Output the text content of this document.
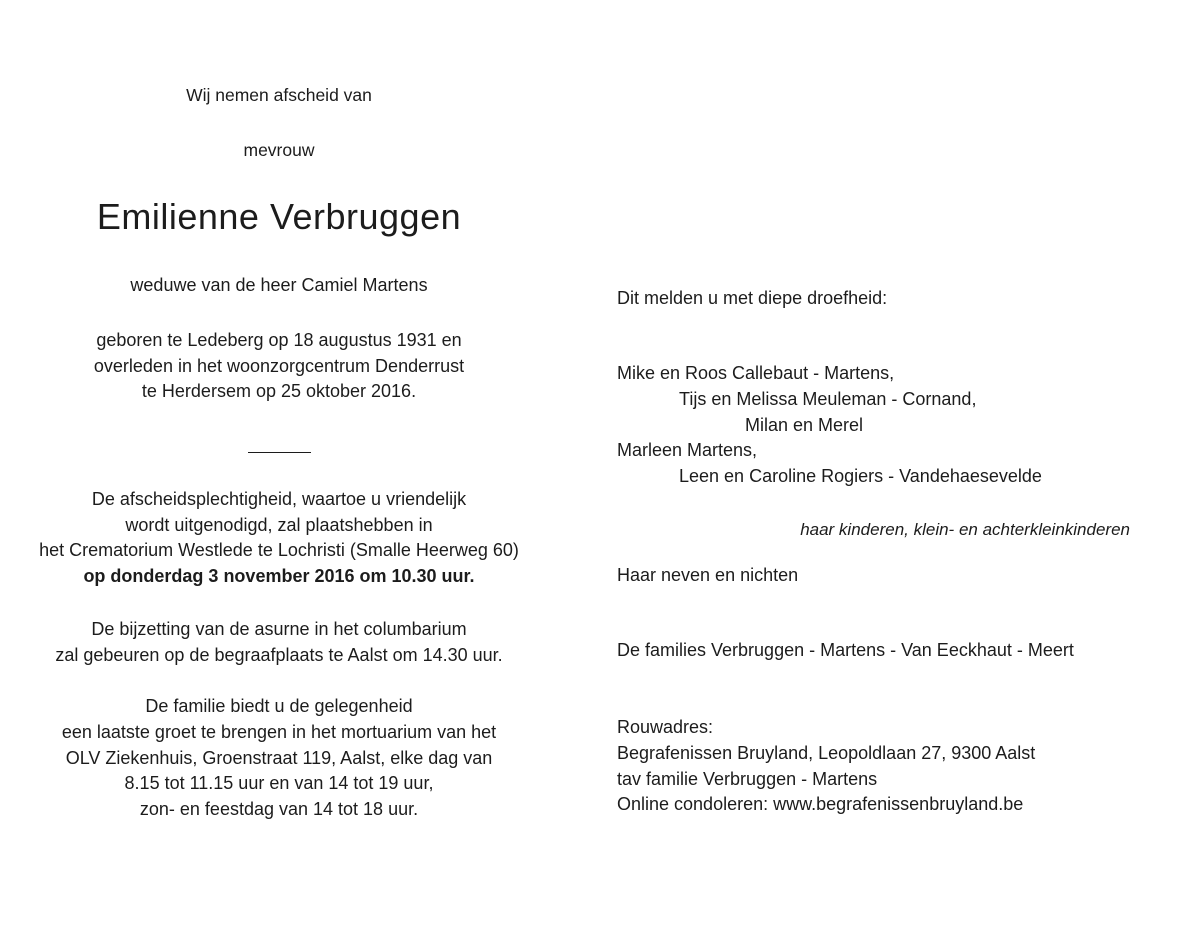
Wij nemen afscheid van
mevrouw
Emilienne Verbruggen
weduwe van de heer Camiel Martens
geboren te Ledeberg op 18 augustus 1931 en
overleden in het woonzorgcentrum Denderrust
te Herdersem op 25 oktober 2016.
De afscheidsplechtigheid, waartoe u vriendelijk
wordt uitgenodigd, zal plaatshebben in
het Crematorium Westlede te Lochristi (Smalle Heerweg 60)
op donderdag 3 november 2016 om 10.30 uur.
De bijzetting van de asurne in het columbarium
zal gebeuren op de begraafplaats te Aalst om 14.30 uur.
De familie biedt u de gelegenheid
een laatste groet te brengen in het mortuarium van het
OLV Ziekenhuis, Groenstraat 119, Aalst, elke dag van
8.15 tot 11.15 uur en van 14 tot 19 uur,
zon- en feestdag van 14 tot 18 uur.
Dit melden u met diepe droefheid:
Mike en Roos Callebaut - Martens,
Tijs en Melissa Meuleman - Cornand,
Milan en Merel
Marleen Martens,
Leen en Caroline Rogiers - Vandehaesevelde
haar kinderen, klein- en achterkleinkinderen
Haar neven en nichten
De families Verbruggen - Martens - Van Eeckhaut - Meert
Rouwadres:
Begrafenissen Bruyland, Leopoldlaan 27, 9300 Aalst
tav familie Verbruggen - Martens
Online condoleren: www.begrafenissenbruyland.be
